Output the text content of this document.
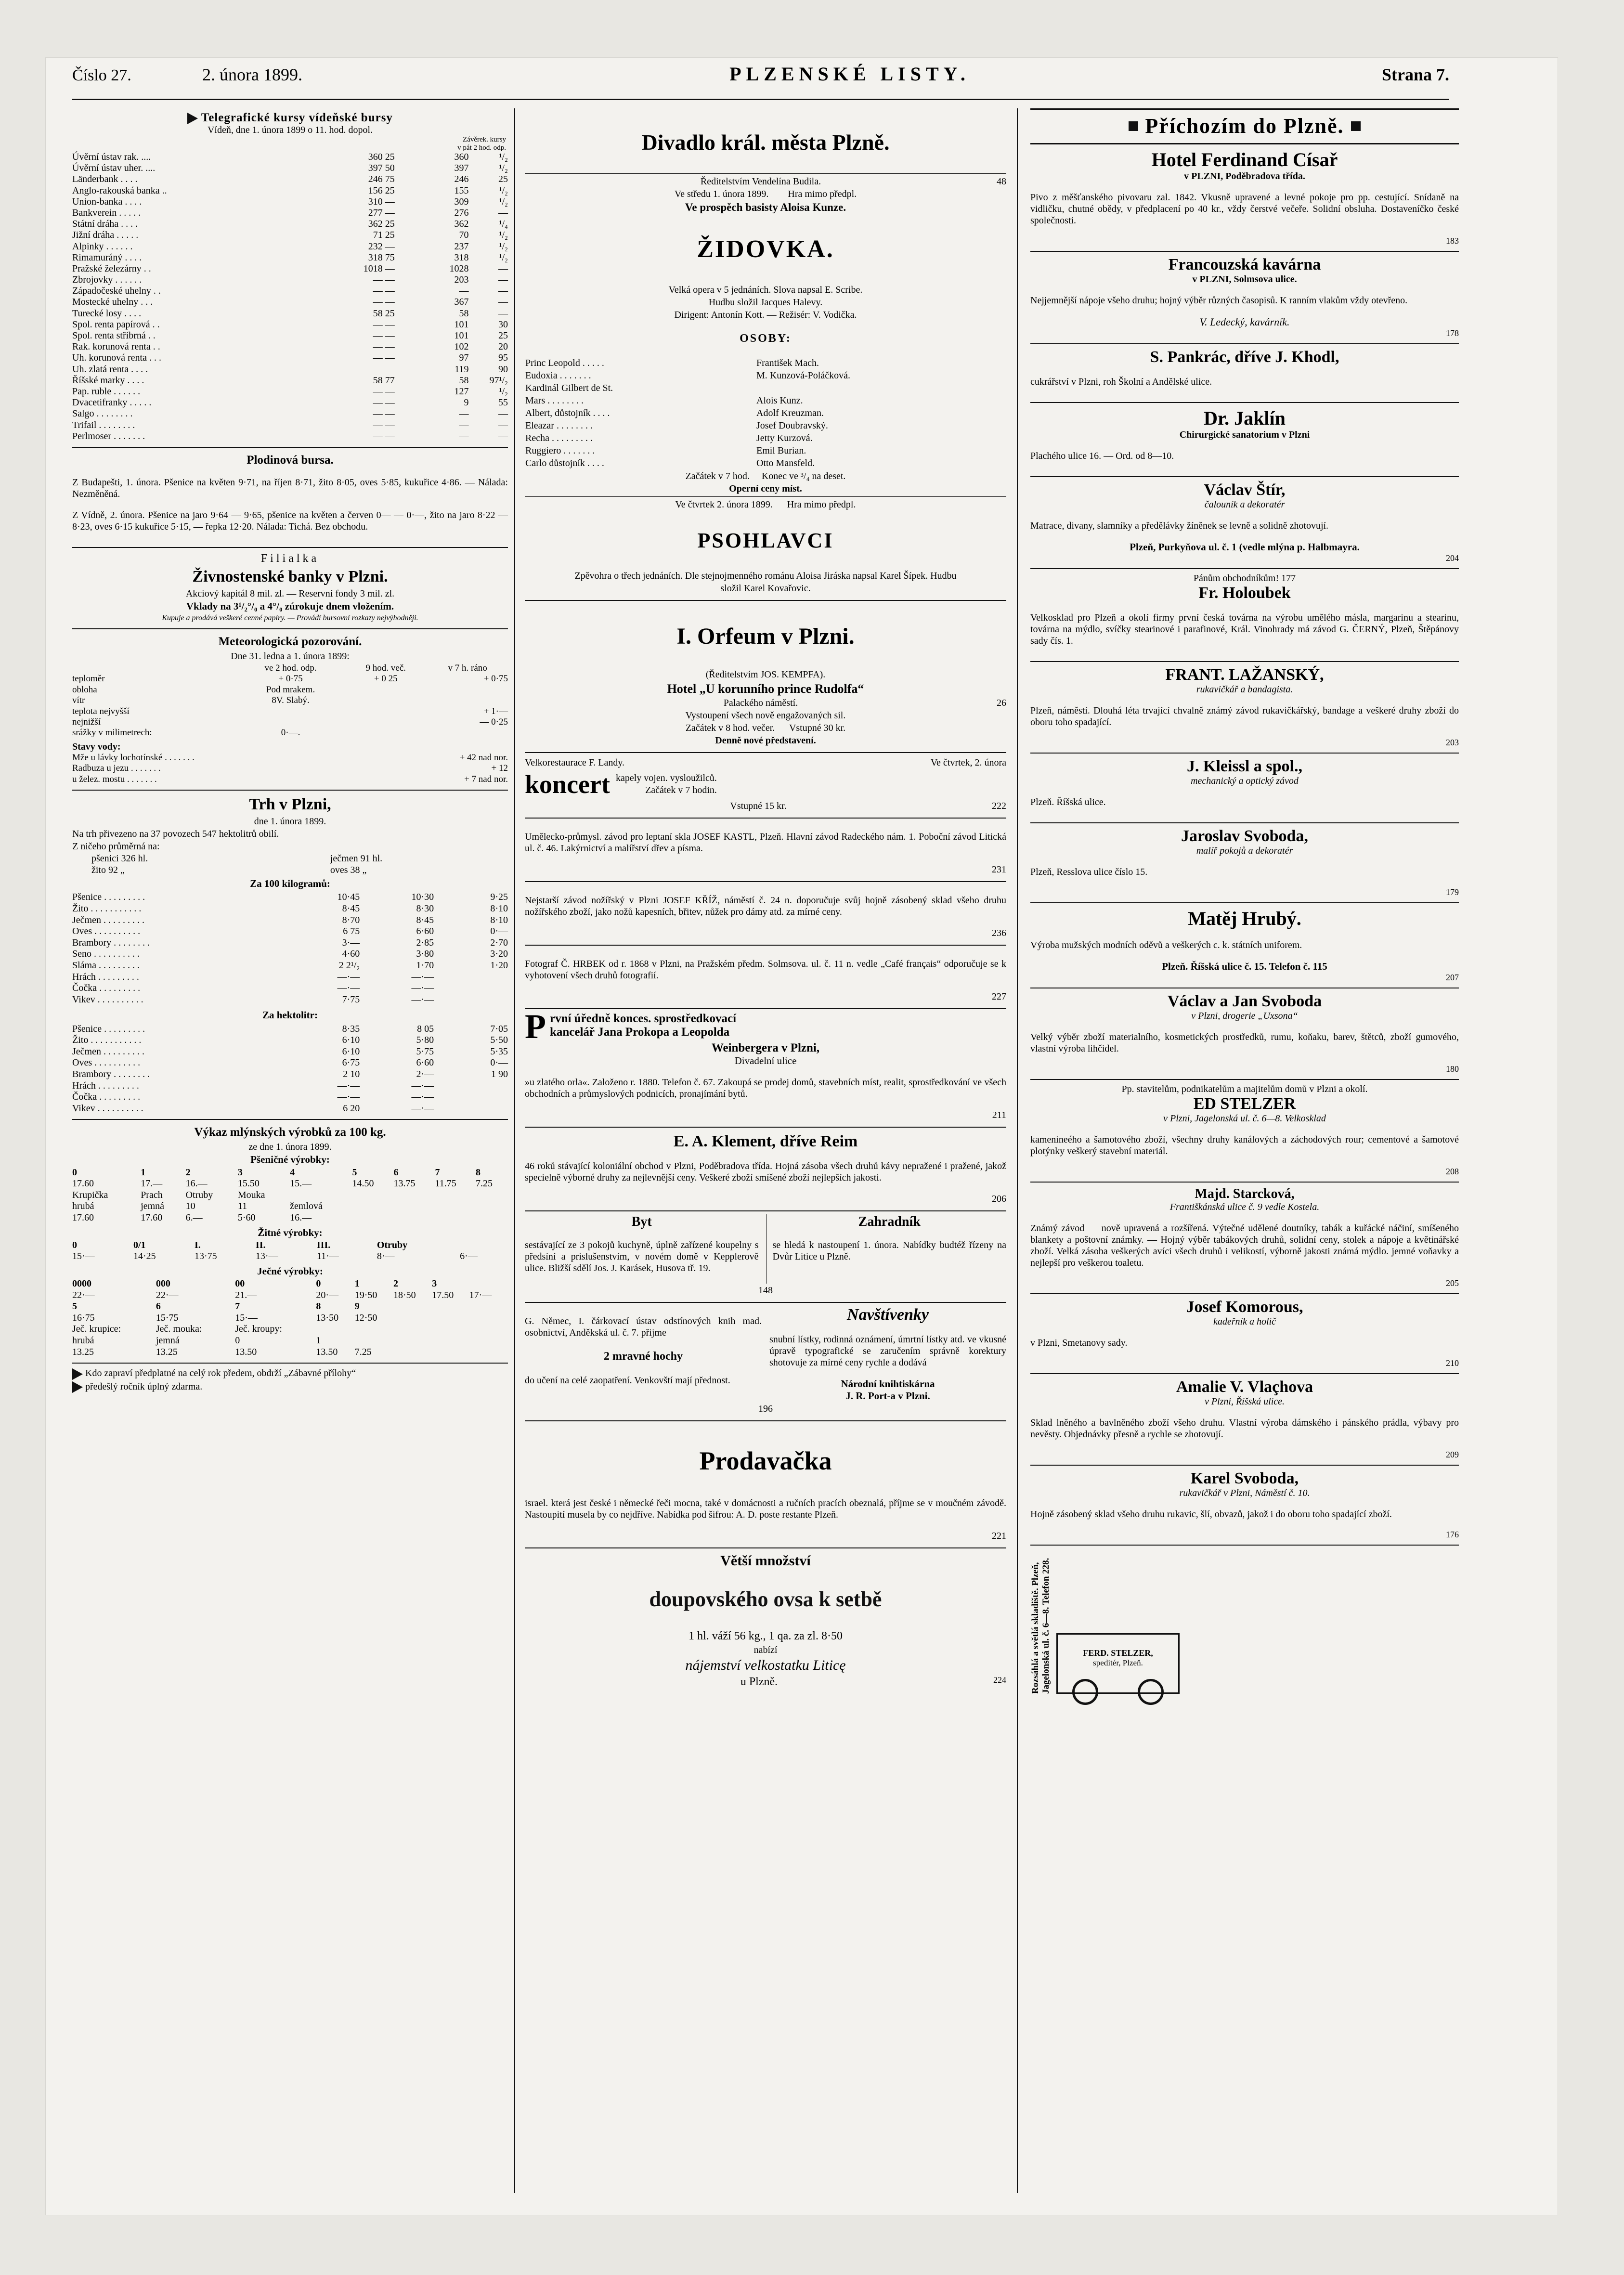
Číslo 27.	2. února 1899.	PLZENSKÉ LISTY.	Strana 7.
Telegrafické kursy vídeňské bursy
Vídeň, dne 1. února 1899 o 11. hod. dopol.
Závěrek. kursy
v pát 2 hod. odp.
Úvěrní ústav rak. ....	360 25	360	¹/₂
Úvěrní ústav uher. ....	397 50	397	¹/₂
Länderbank . . . .	246 75	246	25
Anglo-rakouská banka ..	156 25	155	¹/₂
Union-banka . . . .	310 —	309	¹/₂
Bankverein . . . . .	277 —	276	—
Státní dráha . . . .	362 25	362	¹/₄
Jižní dráha . . . . .	71 25	70	¹/₂
Alpinky . . . . . .	232 —	237	¹/₂
Rimamuráný . . . .	318 75	318	¹/₂
Pražské železárny . .	1018 —	1028	—
Zbrojovky . . . . . .	— —	203	—
Západočeské uhelny . .	— —	—	—
Mostecké uhelny . . .	— —	367	—
Turecké losy . . . .	58 25	58	—
Spol. renta papírová . .	— —	101	30
Spol. renta stříbrná . .	— —	101	25
Rak. korunová renta . .	— —	102	20
Uh. korunová renta . . .	— —	97	95
Uh. zlatá renta . . . .	— —	119	90
Říšské marky . . . .	58 77	58	97¹/₂
Pap. ruble . . . . . .	— —	127	¹/₂
Dvacetifranky . . . . .	— —	9	55
Salgo . . . . . . . .	— —	—	—
Trifail . . . . . . . .	— —	—	—
Perlmoser . . . . . . .	— —	—	—
Plodinová bursa.

Z Budapešti, 1. února. Pšenice na květen 9·71, na říjen 8·71, žito 8·05, oves 5·85, kukuřice 4·86. — Nálada: Nezměněná.

Z Vídně, 2. února. Pšenice na jaro 9·64 — 9·65, pšenice na květen a červen 0— — 0·—, žito na jaro 8·22 — 8·23, oves 6·15 kukuřice 5·15, — řepka 12·20. Nálada: Tichá. Bez obchodu.

Filialka

Živnostenské banky v Plzni.

Akciový kapitál 8 mil. zl. — Reservní fondy 3 mil. zl.

Vklady na 3¹/₂°/₀ a 4°/₀ zúrokuje dnem vložením.

Kupuje a prodává veškeré cenné papíry. — Provádí bursovní rozkazy nejvýhodněji.

Meteorologická pozorování.

Dne 31. ledna a 1. února 1899:

	ve 2 hod. odp.	9 hod. več.	v 7 h. ráno
teploměr	+ 0·75	+ 0 25	+ 0·75
obloha	Pod mrakem.		
vítr	8V. Slabý.		
teplota nejvyšší			+ 1·—
nejnižší			— 0·25
srážky v milimetrech:	0·—.		

Stavy vody:

Mže u lávky lochotínské . . . . . . .	+ 42 nad nor.
Radbuza u jezu . . . . . . .	+ 12
u želez. mostu . . . . . . .	+ 7 nad nor.
Trh v Plzni,

dne 1. února 1899.

Na trh přivezeno na 37 povozech 547 hektolitrů obilí.

Z ničeho průměrná na:

pšenici 326 hl.	ječmen 91 hl.
žito 92 „	oves 38 „

Za 100 kilogramů:

Pšenice . . . . . . . . .	10·45	10·30	9·25
Žito . . . . . . . . . . .	8·45	8·30	8·10
Ječmen . . . . . . . . .	8·70	8·45	8·10
Oves . . . . . . . . . .	6 75	6·60	0·—
Brambory . . . . . . . .	3·—	2·85	2·70
Seno . . . . . . . . . .	4·60	3·80	3·20
Sláma . . . . . . . . .	2 2¹/₂	1·70	1·20
Hrách . . . . . . . . .	—·—	—·—	
Čočka . . . . . . . . .	—·—	—·—	
Vikev . . . . . . . . . .	7·75	—·—	

Za hektolitr:

Pšenice . . . . . . . . .	8·35	8 05	7·05
Žito . . . . . . . . . . .	6·10	5·80	5·50
Ječmen . . . . . . . . .	6·10	5·75	5·35
Oves . . . . . . . . . .	6·75	6·60	0·—
Brambory . . . . . . . .	2 10	2·—	1 90
Hrách . . . . . . . . .	—·—	—·—	
Čočka . . . . . . . . .	—·—	—·—	
Vikev . . . . . . . . . .	6 20	—·—	
Výkaz mlýnských výrobků za 100 kg.

ze dne 1. února 1899.

Pšeničné výrobky:

0	1	2	3	4	5	6	7	8
17.60	17.—	16.—	15.50	15.—	14.50	13.75	11.75	7.25
Krupička	Prach	Otruby	Mouka					
hrubá	jemná	10	11	žemlová				
17.60	17.60	6.—	5·60	16.—				

Žitné výrobky:

0	0/1	I.	II.	III.	Otruby	
15·—	14·25	13·75	13·—	11·—	8·—	6·—

Ječné výrobky:

0000	000	00	0	1	2	3	
22·—	22·—	21.—	20·—	19·50	18·50	17.50	17·—
5	6	7	8	9			
16·75	15·75	15·—	13·50	12·50			
Ječ. krupice:	Ječ. mouka:	Ječ. kroupy:					
hrubá	jemná	0	1				
13.25	13.25	13.50	13.50	7.25			

Kdo zapraví předplatné na celý rok předem, obdrží „Zábavné přílohy“

předešlý ročník úplný zdarma.

Divadlo král. města Plzně.

Ředitelstvím Vendelína Budila.	48

Ve středu 1. února 1899. Hra mimo předpl.

Ve prospěch basisty Aloisa Kunze.

ŽIDOVKA.

Velká opera v 5 jednáních. Slova napsal E. Scribe.

Hudbu složil Jacques Halevy.

Dirigent: Antonín Kott. — Režisér: V. Vodička.

OSOBY:

Princ Leopold . . . . .	František Mach.
Eudoxia . . . . . . .	M. Kunzová-Poláčková.
Kardinál Gilbert de St.	
Mars . . . . . . . .	Alois Kunz.
Albert, důstojník . . . .	Adolf Kreuzman.
Eleazar . . . . . . . .	Josef Doubravský.
Recha . . . . . . . . .	Jetty Kurzová.
Ruggiero . . . . . . .	Emil Burian.
Carlo důstojník . . . .	Otto Mansfeld.

Začátek v 7 hod. Konec ve ³/₄ na deset.

Operní ceny míst.

Ve čtvrtek 2. února 1899. Hra mimo předpl.

PSOHLAVCI

Zpěvohra o třech jednáních. Dle stejnojmenného románu Aloisa Jiráska napsal Karel Šípek. Hudbu

složil Karel Kovařovic.

I. Orfeum v Plzni.

(Ředitelstvím JOS. KEMPFA).

Hotel „U korunního prince Rudolfa“

Palackého náměstí.	26

Vystoupení všech nově engažovaných sil.

Začátek v 8 hod. večer. Vstupné 30 kr.

Denně nové představení.

Velkorestaurace F. Landy.	Ve čtvrtek, 2. února

koncert kapely vojen. vysloužilců.
Začátek v 7 hodin.

Vstupné 15 kr.	222

Umělecko-průmysl. závod pro leptaní skla JOSEF KASTL, Plzeň. Hlavní závod Radeckého nám. 1. Poboční závod Litická ul. č. 46. Lakýrnictví a malířství dřev a písma.

231

Nejstarší závod nožířský v Plzni JOSEF KŘÍŽ, náměstí č. 24 n. doporučuje svůj hojně zásobený sklad všeho druhu nožířského zboží, jako nožů kapesních, břitev, nůžek pro dámy atd. za mírné ceny.

236

Fotograf Č. HRBEK od r. 1868 v Plzni, na Pražském předm. Solmsova. ul. č. 11 n. vedle „Café français“ odporučuje se k vyhotovení všech druhů fotografií.

227

P rvní úředně konces. sprostředkovací
kancelář Jana Prokopa a Leopolda
Weinbergera v Plzni,
Divadelní ulice

»u zlatého orla«. Založeno r. 1880. Telefon č. 67. Zakoupá se prodej domů, stavebních míst, realit, sprostředkování ve všech obchodních a průmyslových podnicích, pronajímání bytů.

211

E. A. Klement, dříve Reim

46 roků stávající koloniální obchod v Plzni, Poděbradova třída. Hojná zásoba všech druhů kávy nepražené i pražené, jakož specielně výborné druhy za nejlevnější ceny. Veškeré zboží smíšené zboží nejlepších jakosti.

206

Byt

sestávající ze 3 pokojů kuchyně, úplně zařízené koupelny s předsíní a prislušenstvím, v novém domě v Kepplerově ulice. Bližší sdělí Jos. J. Karásek, Husova tř. 19.

Zahradník

se hledá k nastoupení 1. února. Nabídky budtéž řízeny na Dvůr Litice u Plzně.

148

G. Němec, I. čárkovací ústav odstínových knih mad. osobnictví, Anděkská ul. č. 7. přijme

2 mravné hochy

do učení na celé zaopatření. Venkovští mají přednost.

Navštívenky

snubní lístky, rodinná oznámení, úmrtní lístky atd. ve vkusné úpravě typografické se zaručením správně korektury shotovuje za mírné ceny rychle a dodává

Národní knihtiskárna
J. R. Port-a v Plzni.

196

Prodavačka

israel. která jest české i německé řeči mocna, také v domácnosti a ručních pracích obeznalá, příjme se v moučném závodě. Nastoupití musela by co nejdříve. Nabídka pod šifrou: A. D. poste restante Plzeň.

221

Větší množství

doupovského ovsa k setbě

1 hl. váží 56 kg., 1 qa. za zl. 8·50

nabízí

nájemství velkostatku Liticę

u Plzně.	224

Příchozím do Plzně.
Hotel Ferdinand Císař
v PLZNI, Poděbradova třída.

Pivo z měšťanského pivovaru zal. 1842. Vkusně upravené a levné pokoje pro pp. cestující. Snídaně na vidličku, chutné obědy, v předplacení po 40 kr., vždy čerstvé večeře. Solidní obsluha. Dostaveníčko české společnosti.

183
Francouzská kavárna
v PLZNI, Solmsova ulice.

Nejjemnější nápoje všeho druhu; hojný výběr různých časopisů. K ranním vlakům vždy otevřeno.

V. Ledecký, kavárník.
178
S. Pankrác, dříve J. Khodl,

cukrářství v Plzni, roh Školní a Andělské ulice.

Dr. Jaklín
Chirurgické sanatorium v Plzni

Plachého ulice 16. — Ord. od 8—10.

Václav Štír,
čalouník a dekoratér

Matrace, divany, slamníky a předělávky žíněnek se levně a solidně zhotovují.

Plzeň, Purkyňova ul. č. 1 (vedle mlýna p. Halbmayra.
204
Pánům obchodníkům! 177
Fr. Holoubek

Velkosklad pro Plzeň a okolí firmy první česká továrna na výrobu umělého másla, margarinu a stearinu, továrna na mýdlo, svíčky stearinové i parafinové, Král. Vinohrady má závod G. ČERNÝ, Plzeň, Štěpánovy sady čís. 1.

FRANT. LAŽANSKÝ,
rukavičkář a bandagista.

Plzeň, náměstí. Dlouhá léta trvající chvalně známý závod rukavičkářský, bandage a veškeré druhy zboží do oboru toho spadající.

203
J. Kleissl a spol.,
mechanický a optický závod

Plzeň. Říšská ulice.

Jaroslav Svoboda,
malíř pokojů a dekoratér

Plzeň, Resslova ulice číslo 15.

179
Matěj Hrubý.

Výroba mužských modních oděvů a veškerých c. k. státních uniforem.

Plzeň. Říšská ulice č. 15. Telefon č. 115
207
Václav a Jan Svoboda
v Plzni, drogerie „Uxsona“

Velký výběr zboží materialního, kosmetických prostředků, rumu, koňaku, barev, štětců, zboží gumového, vlastní výroba lihčidel.

180
Pp. stavitelům, podnikatelům a majitelům domů v Plzni a okolí.
ED STELZER
v Plzni, Jagelonská ul. č. 6—8. Velkosklad

kamenineého a šamotového zboží, všechny druhy kanálových a záchodových rour; cementové a šamotové plotýnky veškerý stavební materiál.

208
Majd. Starcková,
Františkánská ulice č. 9 vedle Kostela.

Známý závod — nově upravená a rozšířená. Výtečné udělené doutníky, tabák a kuřácké náčiní, smíšeného blankety a poštovní známky. — Hojný výběr tabákových druhů, solidní ceny, stolek a nápoje a květinářské zboží. Velká zásoba veškerých avíci všech druhů i velikostí, výborně jakosti známá mýdlo. jemné voňavky a nejlepší pro veškerou toaletu.

205
Josef Komorous,
kadeřník a holič

v Plzni, Smetanovy sady.

210
Amalie V. Vlaçhova
v Plzni, Říšská ulice.

Sklad lněného a bavlněného zboží všeho druhu. Vlastní výroba dámského i pánského prádla, výbavy pro nevěsty. Objednávky přesně a rychle se zhotovují.

209
Karel Svoboda,
rukavičkář v Plzni, Náměstí č. 10.

Hojně zásobený sklad všeho druhu rukavic, šlí, obvazů, jakož i do oboru toho spadající zboží.

176
Rozsáhlá a světlá skladiště. Plzeň, Jagelonská ul. č. 6—8. Telefon 228.	FERD. STELZER,
speditér, Plzeň.
